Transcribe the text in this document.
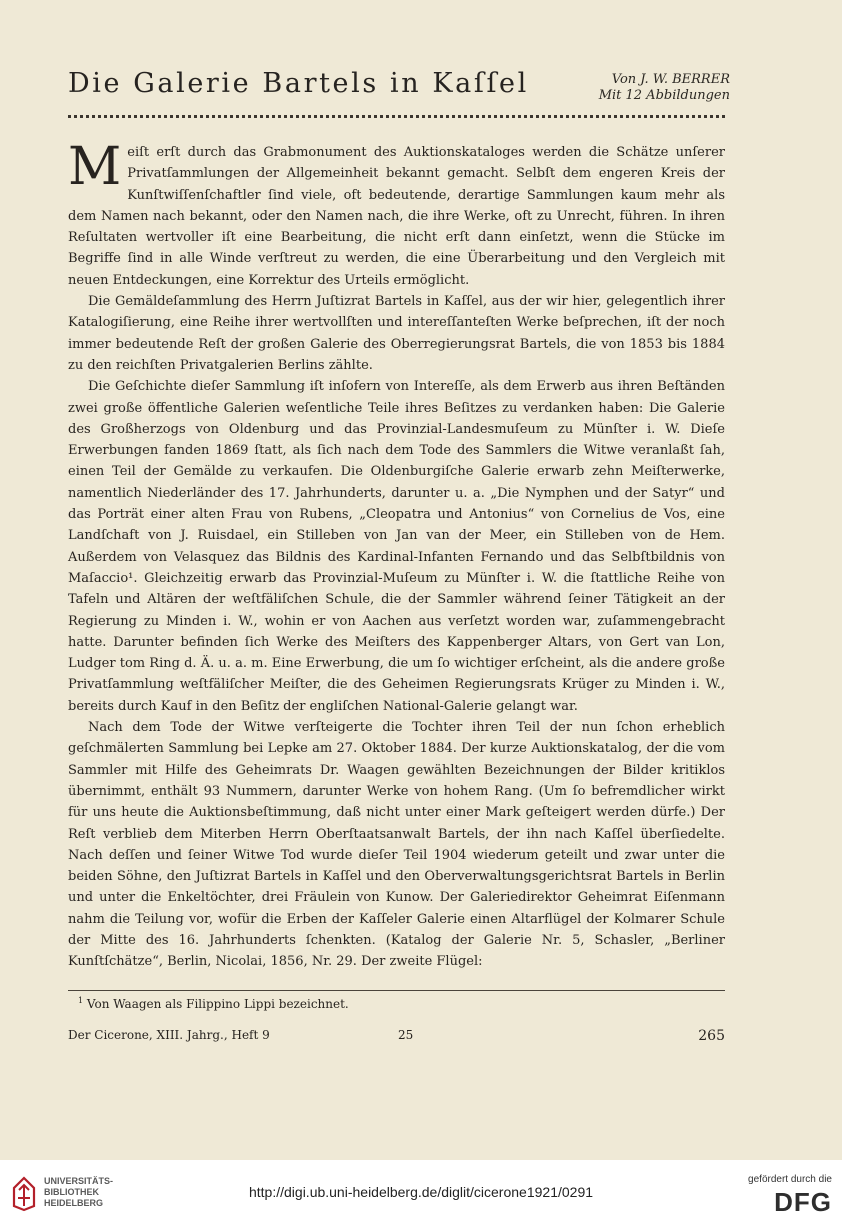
Die Galerie Bartels in Kaſſel	Von J. W. BERRER
Mit 12 Abbildungen

Meiſt erſt durch das Grabmonument des Auktionskataloges werden die Schätze unſerer Privatſammlungen der Allgemeinheit bekannt gemacht. Selbſt dem engeren Kreis der Kunſtwiſſenſchaftler ſind viele, oft bedeutende, derartige Sammlungen kaum mehr als dem Namen nach bekannt, oder den Namen nach, die ihre Werke, oft zu Unrecht, führen. In ihren Reſultaten wertvoller iſt eine Bearbeitung, die nicht erſt dann einſetzt, wenn die Stücke im Begriffe ſind in alle Winde verſtreut zu werden, die eine Überarbeitung und den Vergleich mit neuen Entdeckungen, eine Korrektur des Urteils ermöglicht.

Die Gemäldeſammlung des Herrn Juſtizrat Bartels in Kaſſel, aus der wir hier, gelegentlich ihrer Katalogiſierung, eine Reihe ihrer wertvollſten und intereſſanteſten Werke beſprechen, iſt der noch immer bedeutende Reſt der großen Galerie des Oberregierungsrat Bartels, die von 1853 bis 1884 zu den reichſten Privatgalerien Berlins zählte.

Die Geſchichte dieſer Sammlung iſt inſofern von Intereſſe, als dem Erwerb aus ihren Beſtänden zwei große öffentliche Galerien weſentliche Teile ihres Beſitzes zu verdanken haben: Die Galerie des Großherzogs von Oldenburg und das Provinzial-Landesmuſeum zu Münſter i. W. Dieſe Erwerbungen fanden 1869 ſtatt, als ſich nach dem Tode des Sammlers die Witwe veranlaßt ſah, einen Teil der Gemälde zu verkaufen. Die Oldenburgiſche Galerie erwarb zehn Meiſterwerke, namentlich Niederländer des 17. Jahrhunderts, darunter u. a. „Die Nymphen und der Satyr“ und das Porträt einer alten Frau von Rubens, „Cleopatra und Antonius“ von Cornelius de Vos, eine Landſchaft von J. Ruisdael, ein Stilleben von Jan van der Meer, ein Stilleben von de Hem. Außerdem von Velasquez das Bildnis des Kardinal-Infanten Fernando und das Selbſtbildnis von Maſaccio¹. Gleichzeitig erwarb das Provinzial-Muſeum zu Münſter i. W. die ſtattliche Reihe von Tafeln und Altären der weſtfäliſchen Schule, die der Sammler während ſeiner Tätigkeit an der Regierung zu Minden i. W., wohin er von Aachen aus verſetzt worden war, zuſammengebracht hatte. Darunter befinden ſich Werke des Meiſters des Kappenberger Altars, von Gert van Lon, Ludger tom Ring d. Ä. u. a. m. Eine Erwerbung, die um ſo wichtiger erſcheint, als die andere große Privatſammlung weſtfäliſcher Meiſter, die des Geheimen Regierungsrats Krüger zu Minden i. W., bereits durch Kauf in den Beſitz der engliſchen National-Galerie gelangt war.

Nach dem Tode der Witwe verſteigerte die Tochter ihren Teil der nun ſchon erheblich geſchmälerten Sammlung bei Lepke am 27. Oktober 1884. Der kurze Auktionskatalog, der die vom Sammler mit Hilfe des Geheimrats Dr. Waagen gewählten Bezeichnungen der Bilder kritiklos übernimmt, enthält 93 Nummern, darunter Werke von hohem Rang. (Um ſo befremdlicher wirkt für uns heute die Auktionsbeſtimmung, daß nicht unter einer Mark geſteigert werden dürfe.) Der Reſt verblieb dem Miterben Herrn Oberſtaatsanwalt Bartels, der ihn nach Kaſſel überſiedelte. Nach deſſen und ſeiner Witwe Tod wurde dieſer Teil 1904 wiederum geteilt und zwar unter die beiden Söhne, den Juſtizrat Bartels in Kaſſel und den Oberverwaltungsgerichtsrat Bartels in Berlin und unter die Enkeltöchter, drei Fräulein von Kunow. Der Galeriedirektor Geheimrat Eiſenmann nahm die Teilung vor, wofür die Erben der Kaſſeler Galerie einen Altarflügel der Kolmarer Schule der Mitte des 16. Jahrhunderts ſchenkten. (Katalog der Galerie Nr. 5, Schasler, „Berliner Kunſtſchätze“, Berlin, Nicolai, 1856, Nr. 29. Der zweite Flügel:

$^1$ Von Waagen als Filippino Lippi bezeichnet.
Der Cicerone, XIII. Jahrg., Heft 9	25	265
UNIVERSITÄTS-
BIBLIOTHEK
HEIDELBERG
http://digi.ub.uni-heidelberg.de/diglit/cicerone1921/0291
gefördert durch die
DFG
